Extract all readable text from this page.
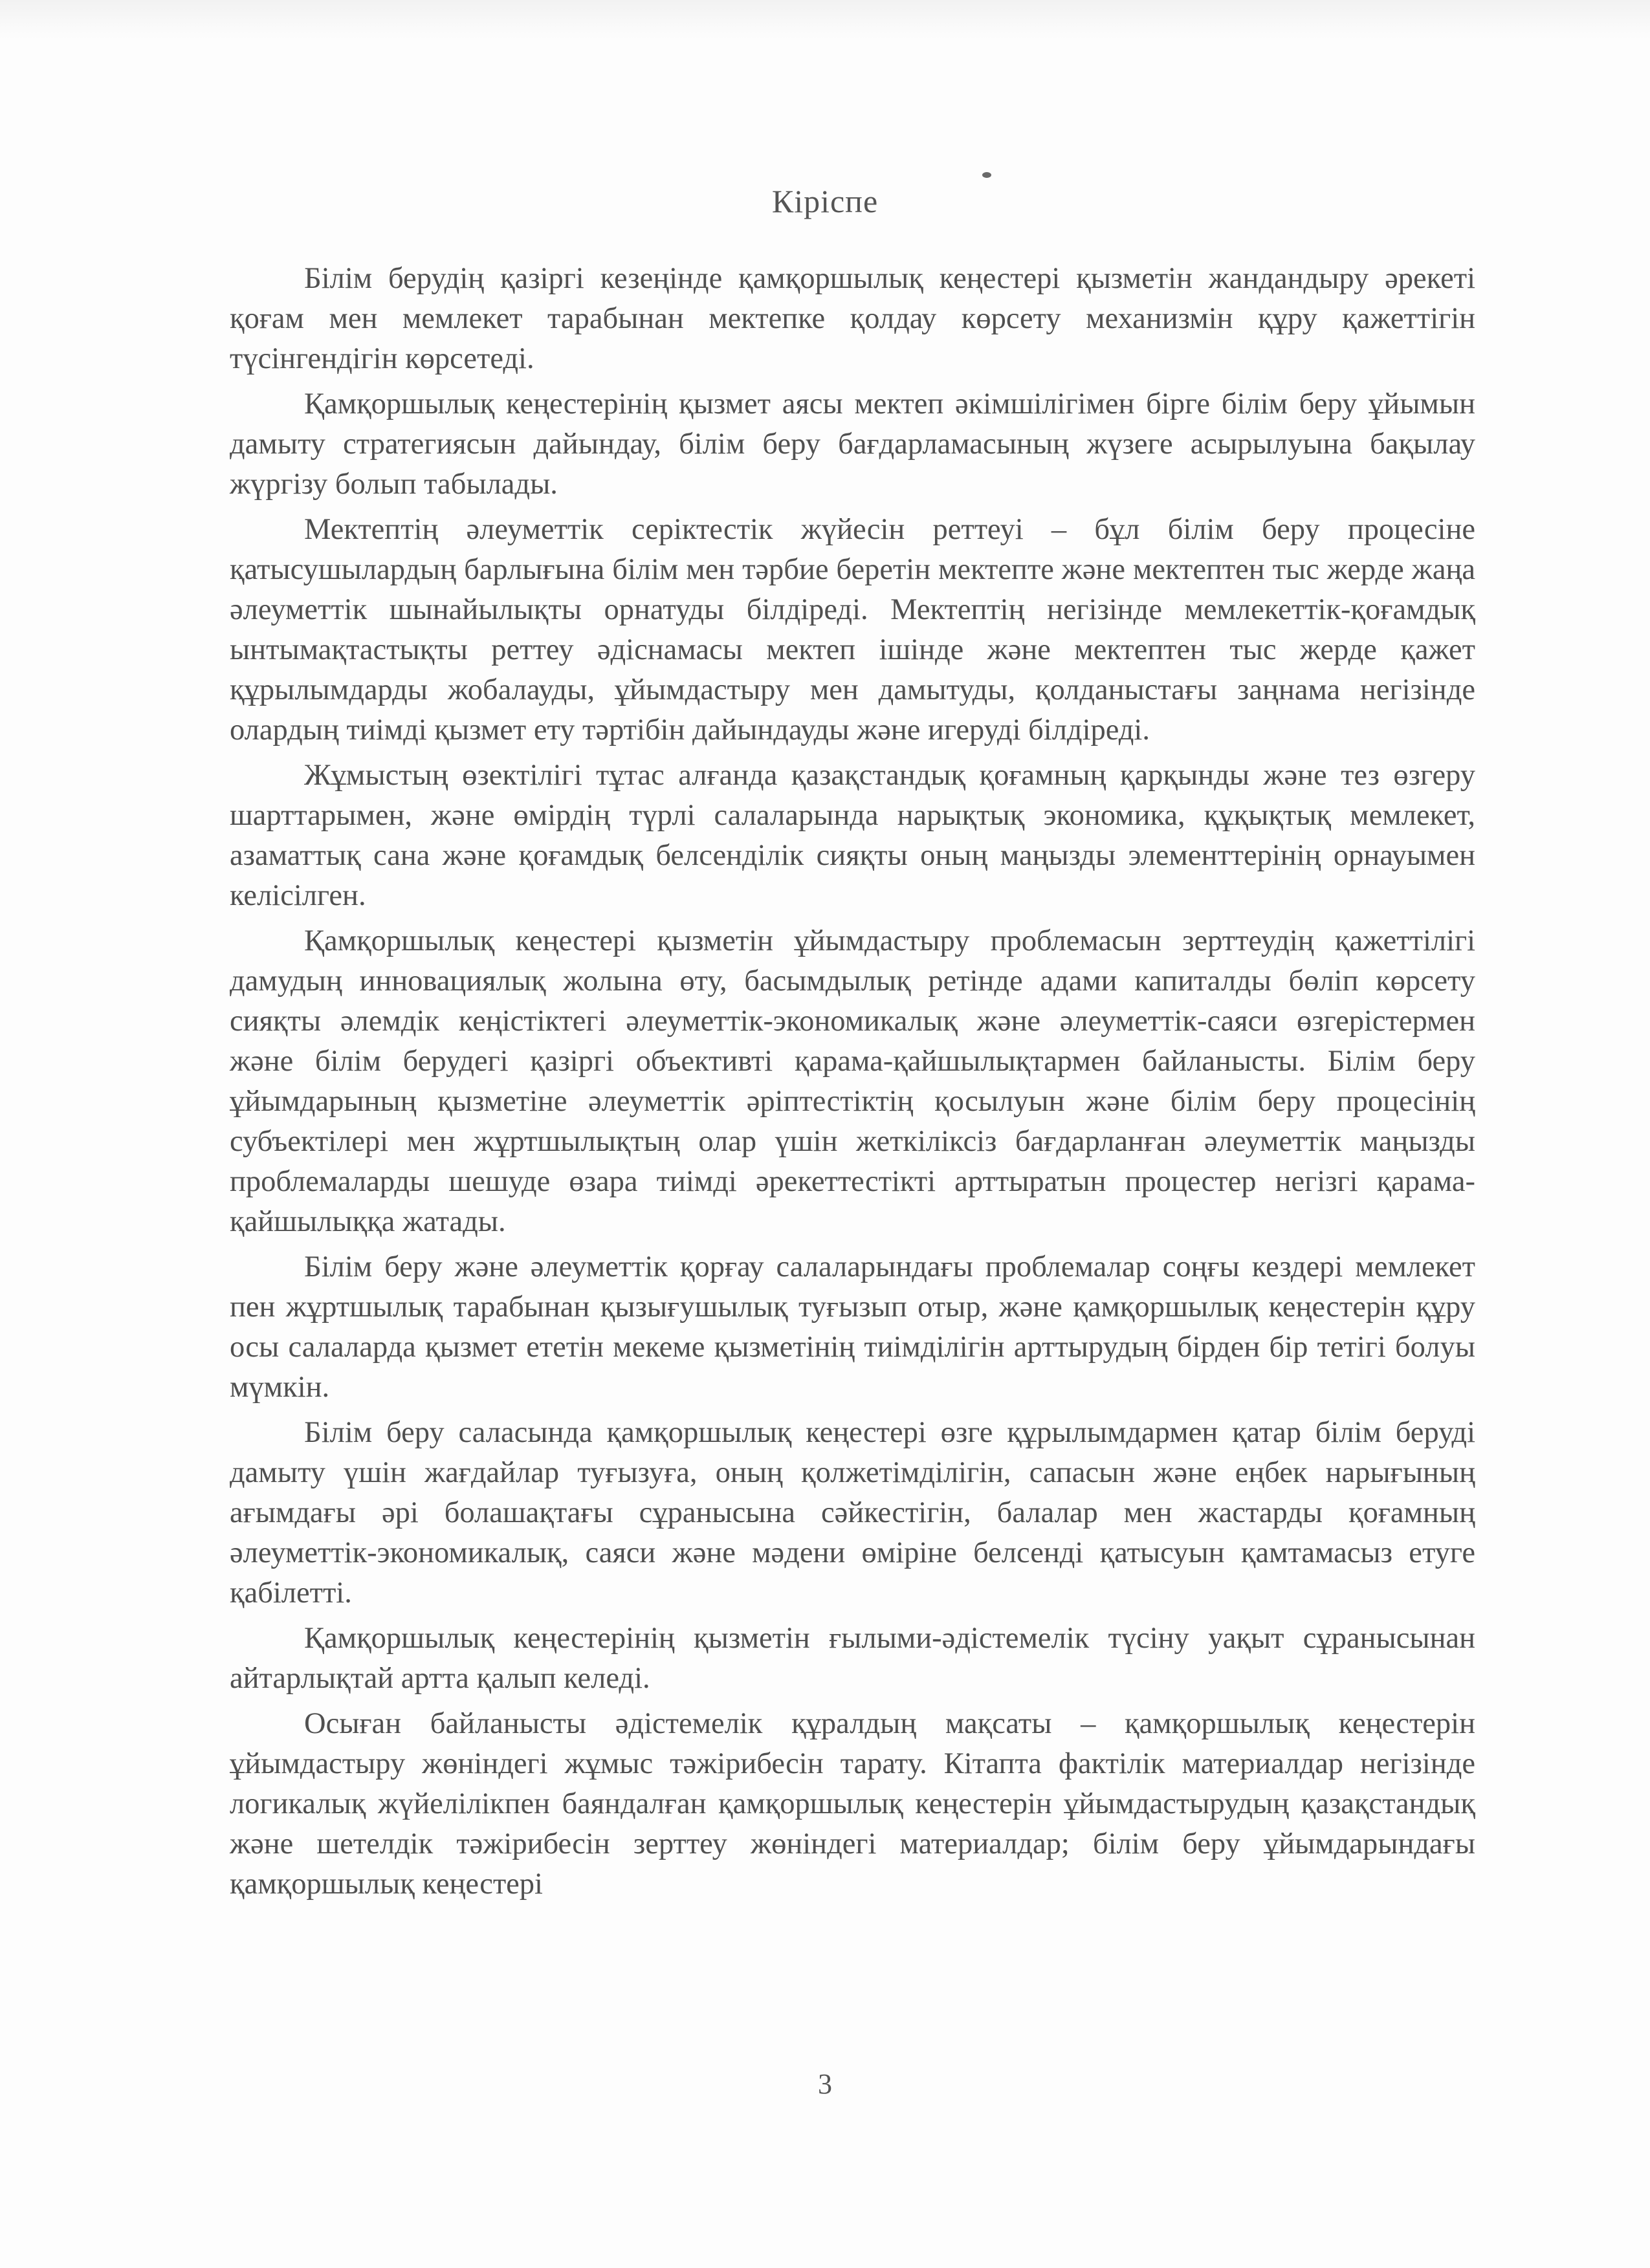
Кіріспе

Білім берудің қазіргі кезеңінде қамқоршылық кеңестері қызметін жандандыру әрекеті қоғам мен мемлекет тарабынан мектепке қолдау көрсету механизмін құру қажеттігін түсінгендігін көрсетеді.

Қамқоршылық кеңестерінің қызмет аясы мектеп әкімшілігімен бірге білім беру ұйымын дамыту стратегиясын дайындау, білім беру бағдарламасының жүзеге асырылуына бақылау жүргізу болып табылады.

Мектептің әлеуметтік серіктестік жүйесін реттеуі – бұл білім беру процесіне қатысушылардың барлығына білім мен тәрбие беретін мектепте және мектептен тыс жерде жаңа әлеуметтік шынайылықты орнатуды білдіреді. Мектептің негізінде мемлекеттік-қоғамдық ынтымақтастықты реттеу әдіснамасы мектеп ішінде және мектептен тыс жерде қажет құрылымдарды жобалауды, ұйымдастыру мен дамытуды, қолданыстағы заңнама негізінде олардың тиімді қызмет ету тәртібін дайындауды және игеруді білдіреді.

Жұмыстың өзектілігі тұтас алғанда қазақстандық қоғамның қарқынды және тез өзгеру шарттарымен, және өмірдің түрлі салаларында нарықтық экономика, құқықтық мемлекет, азаматтық сана және қоғамдық белсенділік сияқты оның маңызды элементтерінің орнауымен келісілген.

Қамқоршылық кеңестері қызметін ұйымдастыру проблемасын зерттеудің қажеттілігі дамудың инновациялық жолына өту, басымдылық ретінде адами капиталды бөліп көрсету сияқты әлемдік кеңістіктегі әлеуметтік-экономикалық және әлеуметтік-саяси өзгерістермен және білім берудегі қазіргі объективті қарама-қайшылықтармен байланысты. Білім беру ұйымдарының қызметіне әлеуметтік әріптестіктің қосылуын және білім беру процесінің субъектілері мен жұртшылықтың олар үшін жеткіліксіз бағдарланған әлеуметтік маңызды проблемаларды шешуде өзара тиімді әрекеттестікті арттыратын процестер негізгі қарама-қайшылыққа жатады.

Білім беру және әлеуметтік қорғау салаларындағы проблемалар соңғы кездері мемлекет пен жұртшылық тарабынан қызығушылық туғызып отыр, және қамқоршылық кеңестерін құру осы салаларда қызмет ететін мекеме қызметінің тиімділігін арттырудың бірден бір тетігі болуы мүмкін.

Білім беру саласында қамқоршылық кеңестері өзге құрылымдармен қатар білім беруді дамыту үшін жағдайлар туғызуға, оның қолжетімділігін, сапасын және еңбек нарығының ағымдағы әрі болашақтағы сұранысына сәйкестігін, балалар мен жастарды қоғамның әлеуметтік-экономикалық, саяси және мәдени өміріне белсенді қатысуын қамтамасыз етуге қабілетті.

Қамқоршылық кеңестерінің қызметін ғылыми-әдістемелік түсіну уақыт сұранысынан айтарлықтай артта қалып келеді.

Осыған байланысты әдістемелік құралдың мақсаты – қамқоршылық кеңестерін ұйымдастыру жөніндегі жұмыс тәжірибесін тарату. Кітапта фактілік материалдар негізінде логикалық жүйелілікпен баяндалған қамқоршылық кеңестерін ұйымдастырудың қазақстандық және шетелдік тәжірибесін зерттеу жөніндегі материалдар; білім беру ұйымдарындағы қамқоршылық кеңестері

3
